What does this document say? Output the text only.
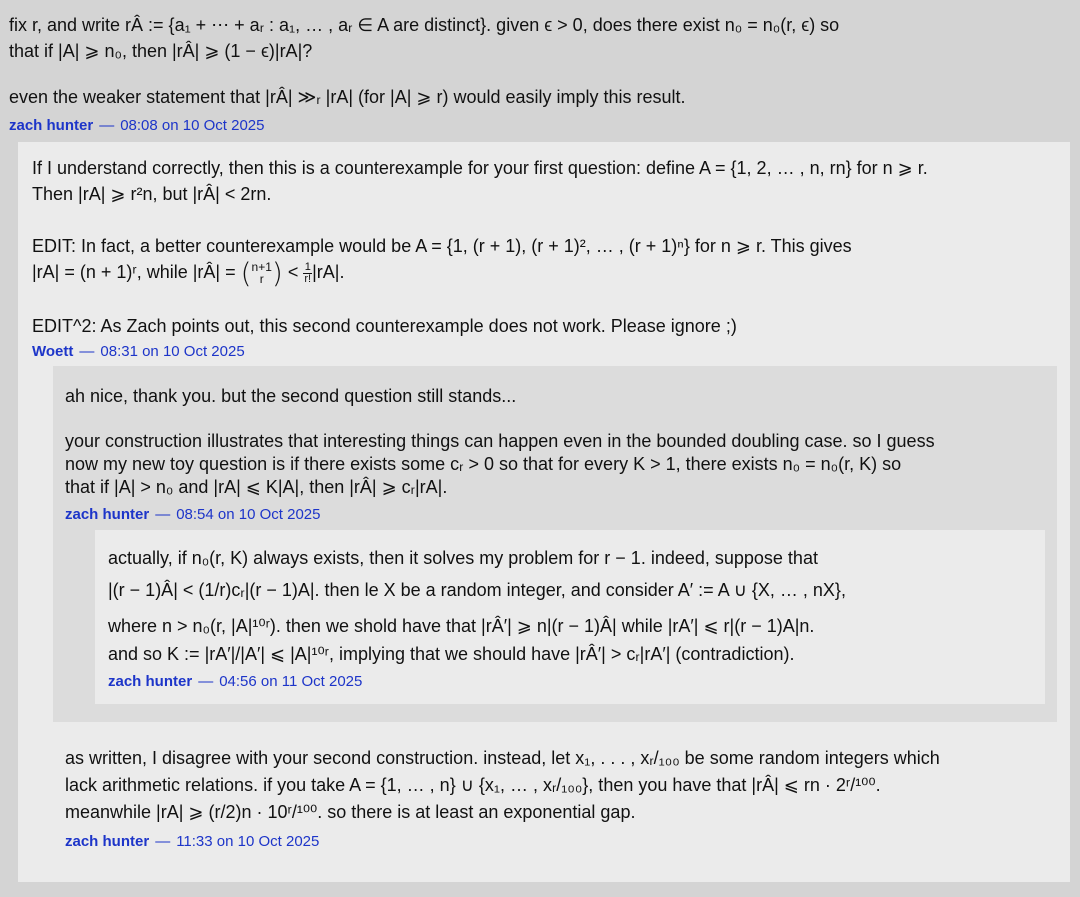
fix r, and write rÂ := {a₁ + ⋯ + aᵣ : a₁, … , aᵣ ∈ A are distinct}. given ϵ > 0, does there exist n₀ = n₀(r, ϵ) so

that if |A| ⩾ n₀, then |rÂ| ⩾ (1 − ϵ)|rA|?

even the weaker statement that |rÂ| ≫ᵣ |rA| (for |A| ⩾ r) would easily imply this result.

zach hunter — 08:08 on 10 Oct 2025
If I understand correctly, then this is a counterexample for your first question: define A = {1, 2, … , n, rn} for n ⩾ r.
Then |rA| ⩾ r²n, but |rÂ| < 2rn.
EDIT: In fact, a better counterexample would be A = {1, (r + 1), (r + 1)², … , (r + 1)ⁿ} for n ⩾ r. This gives
|rA| = (n + 1)ʳ, while |rÂ| = ( n+1
r ) < $\frac{1}{r!} |rA|$.
EDIT^2: As Zach points out, this second counterexample does not work. Please ignore ;)
Woett — 08:31 on 10 Oct 2025
as written, I disagree with your second construction. instead, let x₁, . . . , xᵣ/₁₀₀ be some random integers which
lack arithmetic relations. if you take A = {1, … , n} ∪ {x₁, … , xᵣ/₁₀₀}, then you have that |rÂ| ⩽ rn · 2ʳ/¹⁰⁰.
meanwhile |rA| ⩾ (r/2)n · 10ʳ/¹⁰⁰. so there is at least an exponential gap.
zach hunter — 11:33 on 10 Oct 2025
ah nice, thank you. but the second question still stands...
your construction illustrates that interesting things can happen even in the bounded doubling case. so I guess
now my new toy question is if there exists some cᵣ > 0 so that for every K > 1, there exists n₀ = n₀(r, K) so
that if |A| > n₀ and |rA| ⩽ K|A|, then |rÂ| ⩾ cᵣ|rA|.
zach hunter — 08:54 on 10 Oct 2025
actually, if n₀(r, K) always exists, then it solves my problem for r − 1. indeed, suppose that
|(r − 1)Â| < (1/r)cᵣ|(r − 1)A|. then le X be a random integer, and consider A′ := A ∪ {X, … , nX},
where n > n₀(r, |A|¹⁰ʳ). then we shold have that |rÂ′| ⩾ n|(r − 1)Â| while |rA′| ⩽ r|(r − 1)A|n.
and so K := |rA′|/|A′| ⩽ |A|¹⁰ʳ, implying that we should have |rÂ′| > cᵣ|rA′| (contradiction).
zach hunter — 04:56 on 11 Oct 2025
